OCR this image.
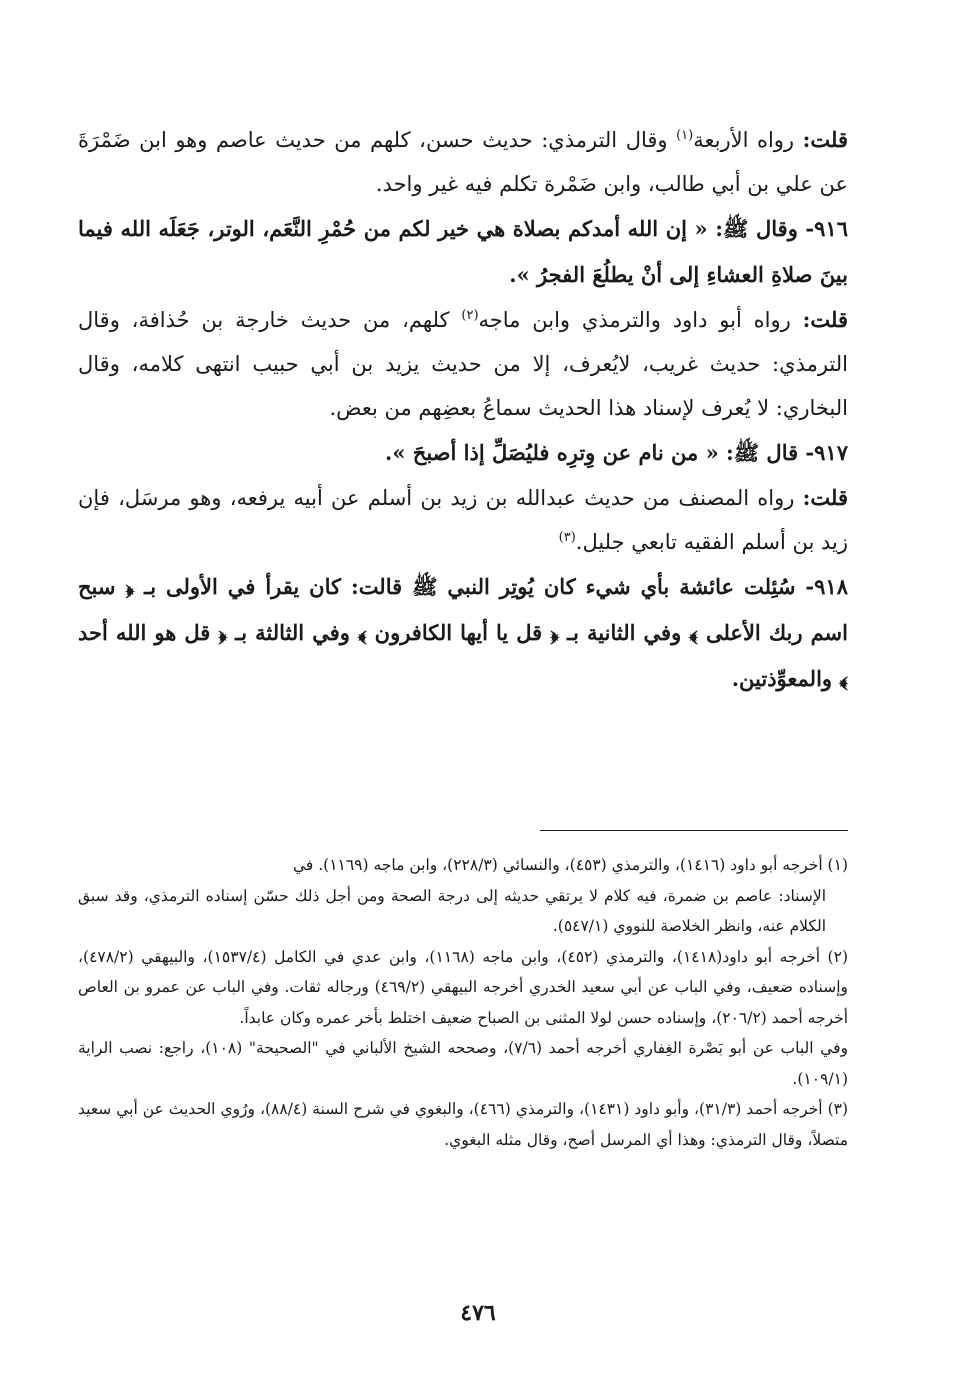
قلت: رواه الأربعة$^{(١)}$ وقال الترمذي: حديث حسن، كلهم من حديث عاصم وهو ابن ضَمْرَةَ عن علي بن أبي طالب، وابن ضَمْرة تكلم فيه غير واحد.

٩١٦- وقال ﷺ: « إن الله أمدكم بصلاة هي خير لكم من حُمْرِ النَّعَم، الوتر، جَعَلَه الله فيما بينَ صلاةِ العشاءِ إلى أنْ يطلُعَ الفجرُ ».

قلت: رواه أبو داود والترمذي وابن ماجه$^{(٢)}$ كلهم، من حديث خارجة بن حُذافة، وقال الترمذي: حديث غريب، لايُعرف، إلا من حديث يزيد بن أبي حبيب انتهى كلامه، وقال البخاري: لا يُعرف لإسناد هذا الحديث سماعُ بعضِهم من بعض.

٩١٧- قال ﷺ: « من نام عن وِترِه فليُصَلِّ إذا أصبحَ ».

قلت: رواه المصنف من حديث عبدالله بن زيد بن أسلم عن أبيه يرفعه، وهو مرسَل، فإن زيد بن أسلم الفقيه تابعي جليل.$^{(٣)}$

٩١٨- سُئِلت عائشة بأي شيء كان يُوتِر النبي ﷺ قالت: كان يقرأ في الأولى بـ ﴿ سبح اسم ربك الأعلى ﴾ وفي الثانية بـ ﴿ قل يا أيها الكافرون ﴾ وفي الثالثة بـ ﴿ قل هو الله أحد ﴾ والمعوِّذتين.

(١) أخرجه أبو داود (١٤١٦)، والترمذي (٤٥٣)، والنسائي (٢٢٨/٣)، وابن ماجه (١١٦٩). في

الإسناد: عاصم بن ضمرة، فيه كلام لا يرتقي حديثه إلى درجة الصحة ومن أجل ذلك حسّن إسناده الترمذي، وقد سبق الكلام عنه، وانظر الخلاصة للنووي (٥٤٧/١).

(٢) أخرجه أبو داود(١٤١٨)، والترمذي (٤٥٢)، وابن ماجه (١١٦٨)، وابن عدي في الكامل (١٥٣٧/٤)، والبيهقي (٤٧٨/٢)، وإسناده ضعيف، وفي الباب عن أبي سعيد الخدري أخرجه البيهقي (٤٦٩/٢) ورجاله ثقات. وفي الباب عن عمرو بن العاص أخرجه أحمد (٢٠٦/٢)، وإسناده حسن لولا المثنى بن الصباح ضعيف اختلط بأخر عمره وكان عابداً.

وفي الباب عن أبو بَصْرة الغِفاري أخرجه أحمد (٧/٦)، وصححه الشيخ الألباني في "الصحيحة" (١٠٨)، راجع: نصب الراية (١٠٩/١).

(٣) أخرجه أحمد (٣١/٣)، وأبو داود (١٤٣١)، والترمذي (٤٦٦)، والبغوي في شرح السنة (٨٨/٤)، ورُوي الحديث عن أبي سعيد متصلاً، وقال الترمذي: وهذا أي المرسل أصح، وقال مثله البغوي.

٤٧٦
